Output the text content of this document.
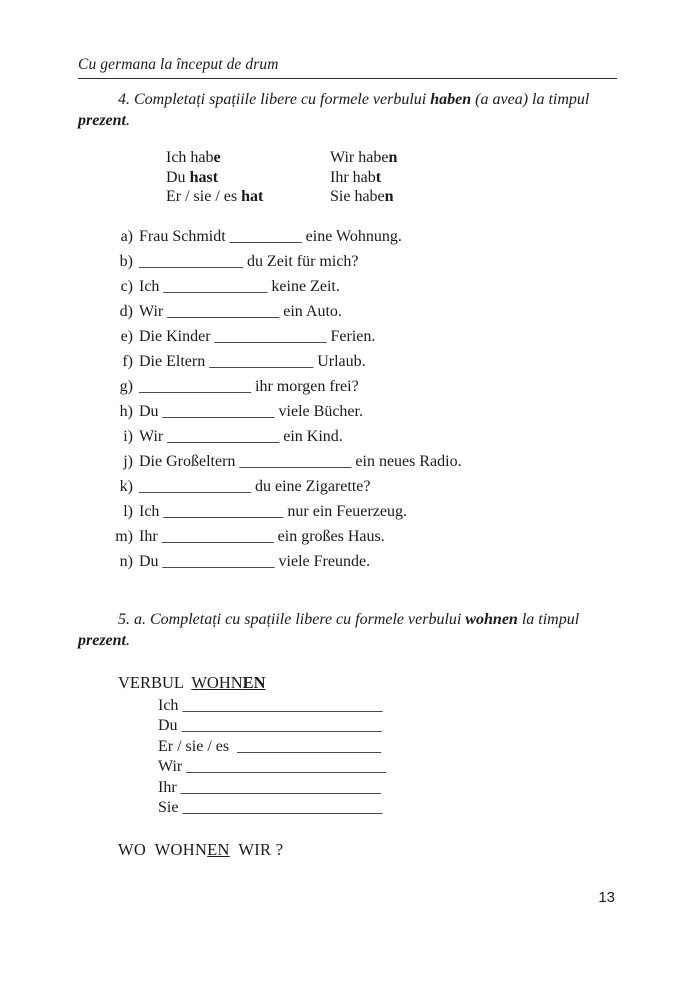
Cu germana la început de drum

4. Completați spațiile libere cu formele verbului haben (a avea) la timpul
prezent.

Ich habe	Wir haben
Du hast	Ihr habt
Er / sie / es hat	Sie haben
a) Frau Schmidt _________ eine Wohnung.
b) _____________ du Zeit für mich?
c) Ich _____________ keine Zeit.
d) Wir ______________ ein Auto.
e) Die Kinder ______________ Ferien.
f) Die Eltern _____________ Urlaub.
g) ______________ ihr morgen frei?
h) Du ______________ viele Bücher.
i) Wir ______________ ein Kind.
j) Die Großeltern ______________ ein neues Radio.
k) ______________ du eine Zigarette?
l) Ich _______________ nur ein Feuerzeug.
m) Ihr ______________ ein großes Haus.
n) Du ______________ viele Freunde.

5. a. Completați cu spațiile libere cu formele verbului wohnen la timpul
prezent.

VERBUL  WOHNEN
Ich _________________________
Du _________________________
Er / sie / es  __________________
Wir _________________________
Ihr _________________________
Sie _________________________
WO  WOHNEN  WIR ?
13
